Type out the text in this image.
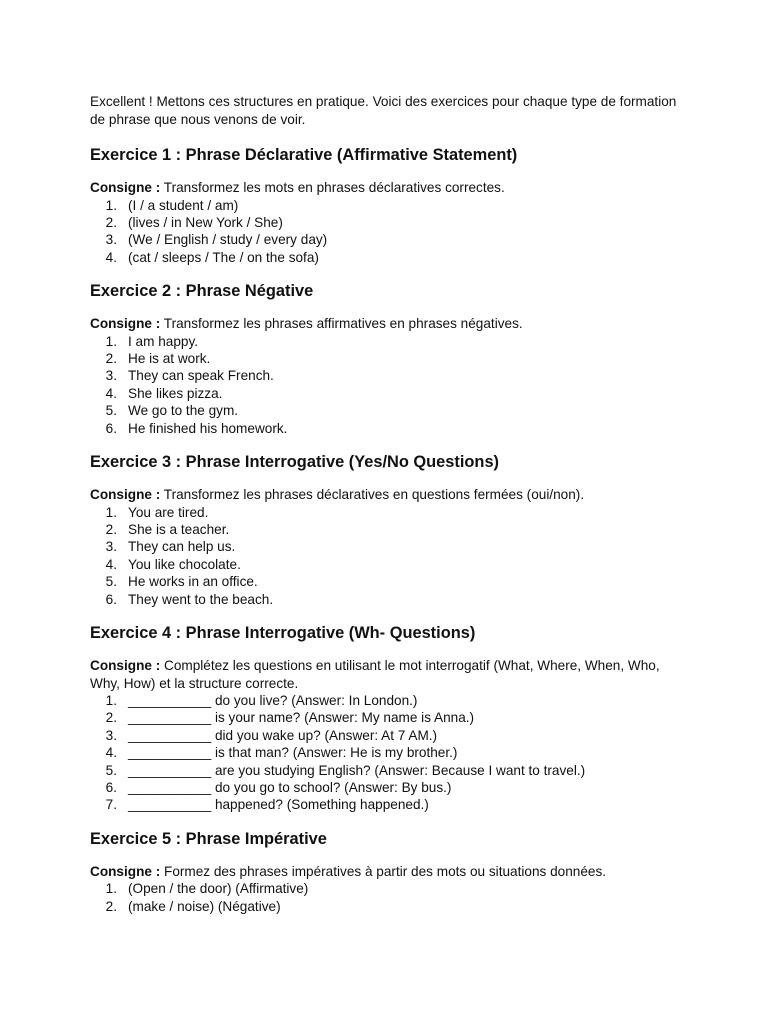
Excellent ! Mettons ces structures en pratique. Voici des exercices pour chaque type de formation de phrase que nous venons de voir.

Exercice 1 : Phrase Déclarative (Affirmative Statement)

Consigne : Transformez les mots en phrases déclaratives correctes.

1. (I / a student / am)
2. (lives / in New York / She)
3. (We / English / study / every day)
4. (cat / sleeps / The / on the sofa)
Exercice 2 : Phrase Négative

Consigne : Transformez les phrases affirmatives en phrases négatives.

1. I am happy.
2. He is at work.
3. They can speak French.
4. She likes pizza.
5. We go to the gym.
6. He finished his homework.
Exercice 3 : Phrase Interrogative (Yes/No Questions)

Consigne : Transformez les phrases déclaratives en questions fermées (oui/non).

1. You are tired.
2. She is a teacher.
3. They can help us.
4. You like chocolate.
5. He works in an office.
6. They went to the beach.
Exercice 4 : Phrase Interrogative (Wh- Questions)

Consigne : Complétez les questions en utilisant le mot interrogatif (What, Where, When, Who, Why, How) et la structure correcte.

1. ___________ do you live? (Answer: In London.)
2. ___________ is your name? (Answer: My name is Anna.)
3. ___________ did you wake up? (Answer: At 7 AM.)
4. ___________ is that man? (Answer: He is my brother.)
5. ___________ are you studying English? (Answer: Because I want to travel.)
6. ___________ do you go to school? (Answer: By bus.)
7. ___________ happened? (Something happened.)
Exercice 5 : Phrase Impérative

Consigne : Formez des phrases impératives à partir des mots ou situations données.

1. (Open / the door) (Affirmative)
2. (make / noise) (Négative)
